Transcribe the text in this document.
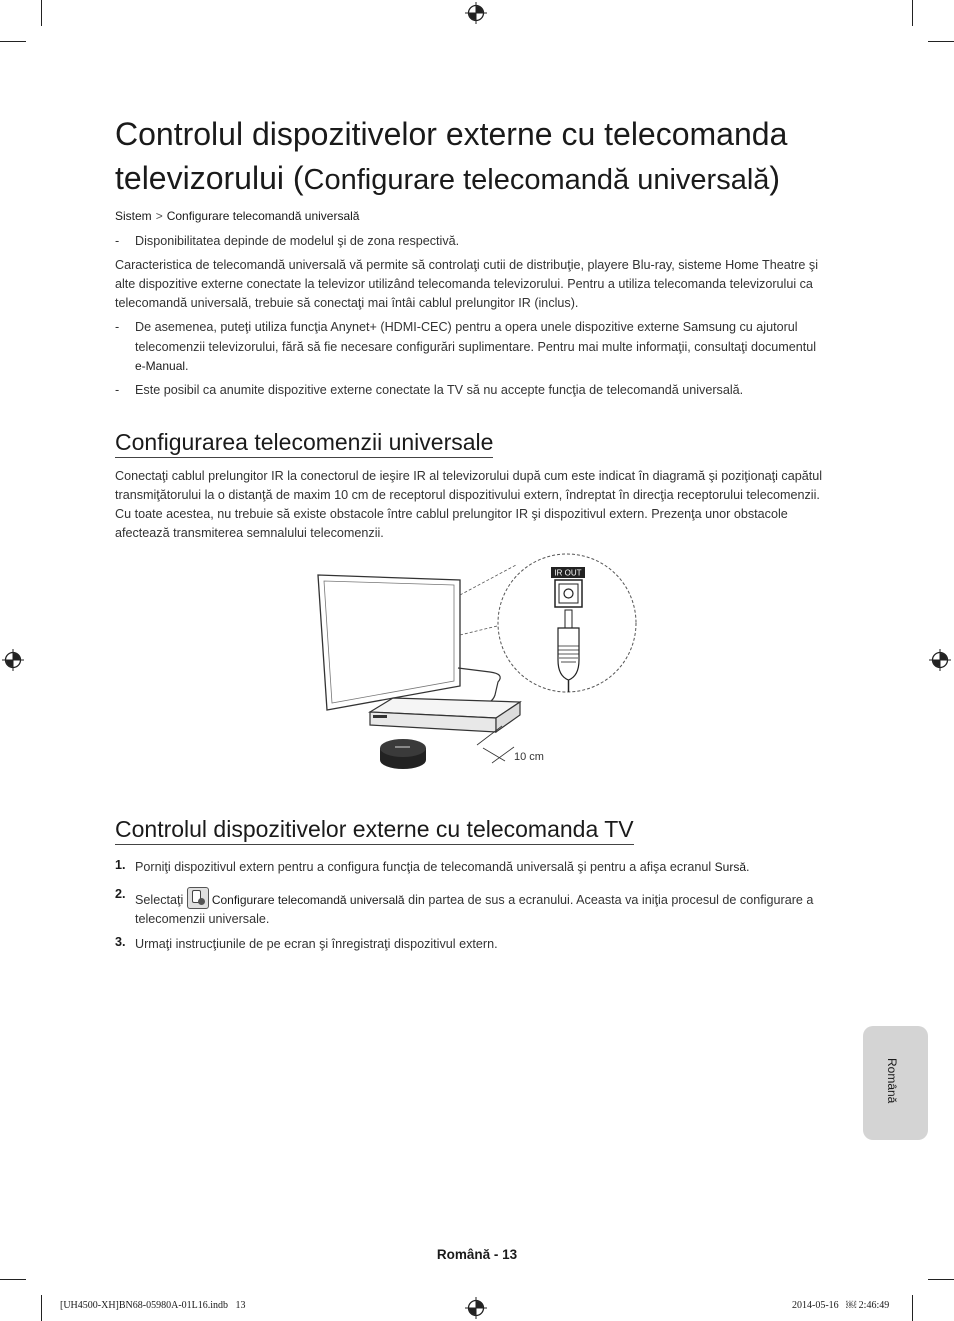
Controlul dispozitivelor externe cu telecomanda
televizorului (Configurare telecomandă universală)
Sistem > Configurare telecomandă universală
- Disponibilitatea depinde de modelul şi de zona respectivă.
Caracteristica de telecomandă universală vă permite să controlaţi cutii de distribuţie, playere Blu-ray, sisteme Home Theatre şi
alte dispozitive externe conectate la televizor utilizând telecomanda televizorului. Pentru a utiliza telecomanda televizorului ca
telecomandă universală, trebuie să conectaţi mai întâi cablul prelungitor IR (inclus).
- De asemenea, puteţi utiliza funcţia Anynet+ (HDMI-CEC) pentru a opera unele dispozitive externe Samsung cu ajutorul
telecomenzii televizorului, fără să fie necesare configurări suplimentare. Pentru mai multe informaţii, consultaţi documentul
e-Manual.
- Este posibil ca anumite dispozitive externe conectate la TV să nu accepte funcţia de telecomandă universală.
Configurarea telecomenzii universale
Conectaţi cablul prelungitor IR la conectorul de ieşire IR al televizorului după cum este indicat în diagramă şi poziţionaţi capătul
transmiţătorului la o distanţă de maxim 10 cm de receptorul dispozitivului extern, îndreptat în direcţia receptorului telecomenzii.
Cu toate acestea, nu trebuie să existe obstacole între cablul prelungitor IR şi dispozitivul extern. Prezenţa unor obstacole
afectează transmiterea semnalului telecomenzii.
IR OUT
10 cm
Controlul dispozitivelor externe cu telecomanda TV
1. Porniţi dispozitivul extern pentru a configura funcţia de telecomandă universală şi pentru a afişa ecranul Sursă.
2. Selectaţi
Configurare telecomandă universală din partea de sus a ecranului. Aceasta va iniţia procesul de configurare a
telecomenzii universale.
3. Urmaţi instrucţiunile de pe ecran şi înregistraţi dispozitivul extern.
Română
Română - 13
[UH4500-XH]BN68-05980A-01L16.indb   13	2014-05-16   ￼ 2:46:49
